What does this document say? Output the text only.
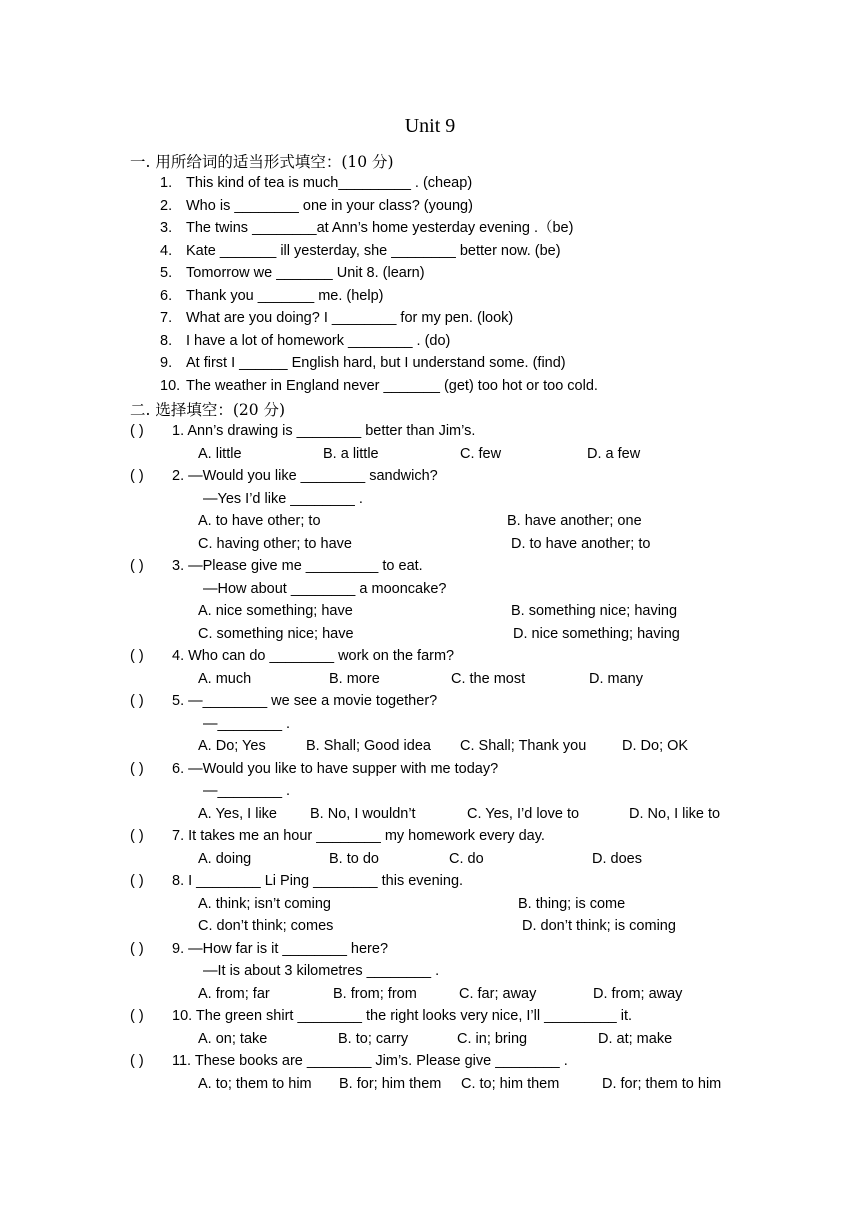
Unit 9
一. 用所给词的适当形式填空：(10 分)
1. This kind of tea is much_________ . (cheap)
2. Who is ________ one in your class? (young)
3. The twins ________at Ann’s home yesterday evening .（be)
4. Kate _______ ill yesterday, she ________ better now. (be)
5. Tomorrow we _______ Unit 8. (learn)
6. Thank you _______ me. (help)
7. What are you doing? I ________ for my pen. (look)
8. I have a lot of homework ________ . (do)
9. At first I ______ English hard, but I understand some. (find)
10. The weather in England never _______ (get) too hot or too cold.
二. 选择填空：(20 分)
( ) 1. Ann’s drawing is ________ better than Jim’s.
A. little	B. a little	C. few	D. a few
( ) 2. —Would you like ________ sandwich?
—Yes I’d like ________ .
A. to have other; to	B. have another; one
C. having other; to have	D. to have another; to
( ) 3. —Please give me _________ to eat.
—How about ________ a mooncake?
A. nice something; have	B. something nice; having
C. something nice; have	D. nice something; having
( ) 4. Who can do ________ work on the farm?
A. much	B. more	C. the most	D. many
( ) 5. —________ we see a movie together?
—________ .
A. Do; Yes	B. Shall; Good idea C. Shall; Thank you D. Do; OK
( ) 6. —Would you like to have supper with me today?
—________ .
A. Yes, I like B. No, I wouldn’t	C. Yes, I’d love to	D. No, I like to
( ) 7. It takes me an hour ________ my homework every day.
A. doing	B. to do	C. do	D. does
( ) 8. I ________ Li Ping ________ this evening.
A. think; isn’t coming	B. thing; is come
C. don’t think; comes	D. don’t think; is coming
( ) 9. —How far is it ________ here?
—It is about 3 kilometres ________ .
A. from; far	B. from; from	C. far; away	D. from; away
( ) 10. The green shirt ________ the right looks very nice, I’ll _________ it.
A. on; take	B. to; carry	C. in; bring	D. at; make
( ) 11. These books are ________ Jim’s. Please give ________ .
A. to; them to him B. for; him them C. to; him them	D. for; them to him
